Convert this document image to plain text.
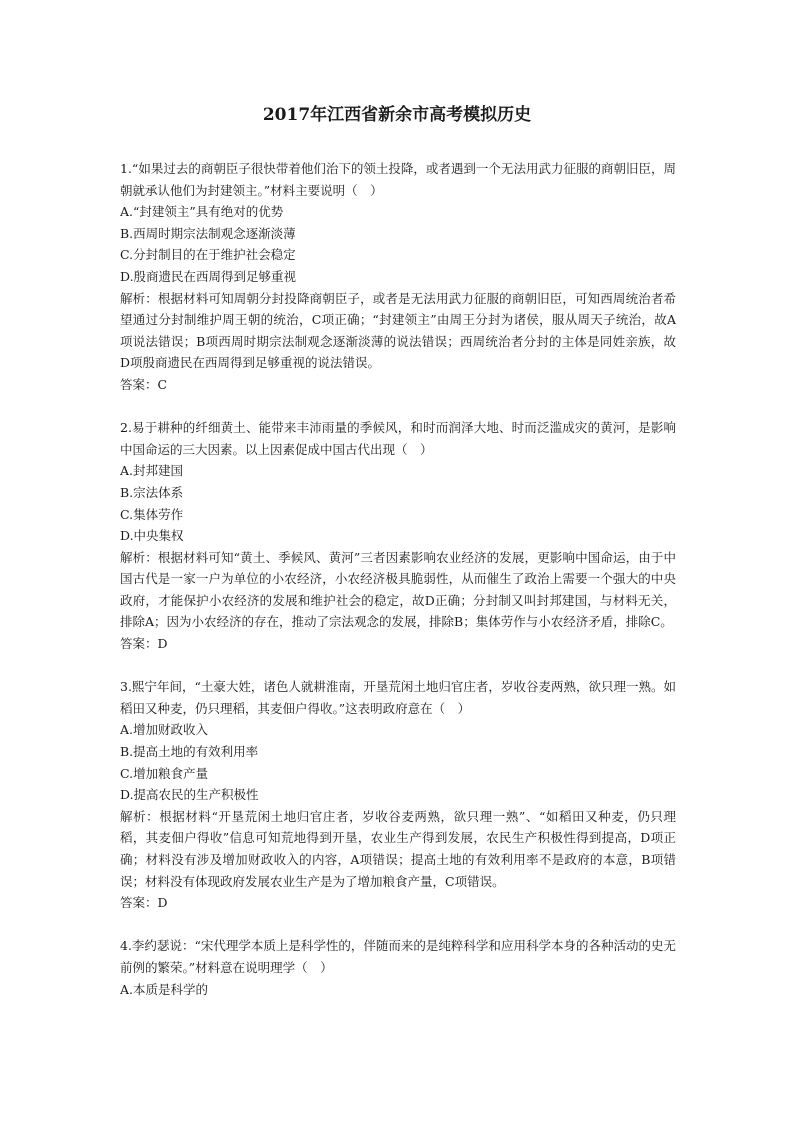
2017年江西省新余市高考模拟历史
1.“如果过去的商朝臣子很快带着他们治下的领土投降，或者遇到一个无法用武力征服的商朝旧臣，周朝就承认他们为封建领主。”材料主要说明（　）
A.“封建领主”具有绝对的优势
B.西周时期宗法制观念逐渐淡薄
C.分封制目的在于维护社会稳定
D.殷商遗民在西周得到足够重视
解析：根据材料可知周朝分封投降商朝臣子，或者是无法用武力征服的商朝旧臣，可知西周统治者希望通过分封制维护周王朝的统治，C项正确；“封建领主”由周王分封为诸侯，服从周天子统治，故A项说法错误；B项西周时期宗法制观念逐渐淡薄的说法错误；西周统治者分封的主体是同姓亲族，故D项殷商遗民在西周得到足够重视的说法错误。
答案：C
2.易于耕种的纤细黄土、能带来丰沛雨量的季候风，和时而润泽大地、时而泛滥成灾的黄河，是影响中国命运的三大因素。以上因素促成中国古代出现（　）
A.封邦建国
B.宗法体系
C.集体劳作
D.中央集权
解析：根据材料可知“黄土、季候风、黄河”三者因素影响农业经济的发展，更影响中国命运，由于中国古代是一家一户为单位的小农经济，小农经济极具脆弱性，从而催生了政治上需要一个强大的中央政府，才能保护小农经济的发展和维护社会的稳定，故D正确；分封制又叫封邦建国，与材料无关，排除A；因为小农经济的存在，推动了宗法观念的发展，排除B；集体劳作与小农经济矛盾，排除C。
答案：D
3.熙宁年间，“土豪大姓，诸色人就耕淮南，开垦荒闲土地归官庄者，岁收谷麦两熟，欲只理一熟。如稻田又种麦，仍只理稻，其麦佃户得收。”这表明政府意在（　）
A.增加财政收入
B.提高土地的有效利用率
C.增加粮食产量
D.提高农民的生产积极性
解析：根据材料“开垦荒闲土地归官庄者，岁收谷麦两熟，欲只理一熟”、“如稻田又种麦，仍只理稻，其麦佃户得收”信息可知荒地得到开垦，农业生产得到发展，农民生产积极性得到提高，D项正确；材料没有涉及增加财政收入的内容，A项错误；提高土地的有效利用率不是政府的本意，B项错误；材料没有体现政府发展农业生产是为了增加粮食产量，C项错误。
答案：D
4.李约瑟说：“宋代理学本质上是科学性的，伴随而来的是纯粹科学和应用科学本身的各种活动的史无前例的繁荣。”材料意在说明理学（　）
A.本质是科学的
